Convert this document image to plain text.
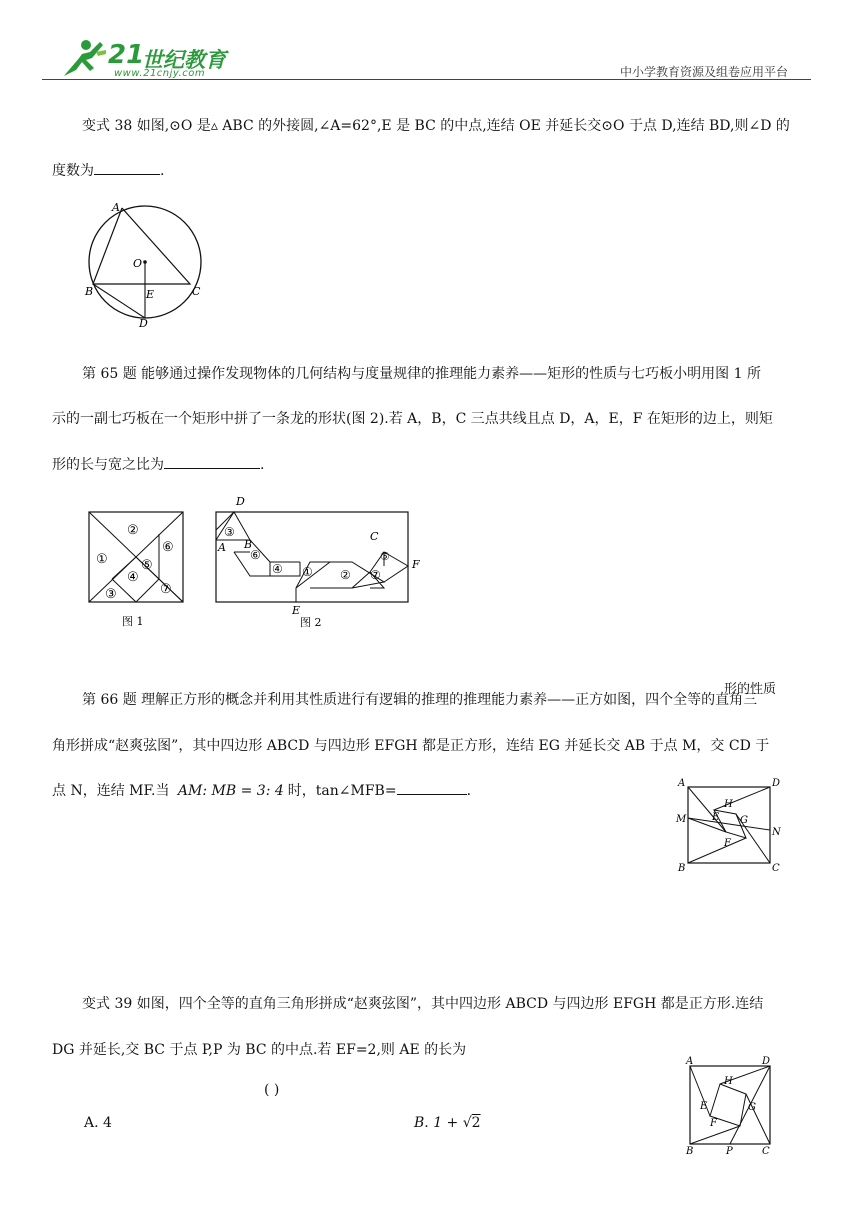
21
世纪教育
www.21cnjy.com	中小学教育资源及组卷应用平台
变式 38 如图,⊙O 是▵ ABC 的外接圆,∠A=62°,E 是 BC 的中点,连结 OE 并延长交⊙O 于点 D,连结 BD,则∠D 的
度数为	.
A
O
B	E	C
D
第 65 题 能够通过操作发现物体的几何结构与度量规律的推理能力素养——矩形的性质与七巧板小明用图 1 所
示的一副七巧板在一个矩形中拼了一条龙的形状(图 2).若 A，B，C 三点共线且点 D，A，E，F 在矩形的边上，则矩
形的长与宽之比为	.
②
①	⑤
⑥
④
⑦
③
图 1
D
③
A B
⑥
④ ① ②
C
⑤
⑦
F
E
图 2
形的性质
第 66 题 理解正方形的概念并利用其性质进行有逻辑的推理的推理能力素养——正方如图，四个全等的直角三
角形拼成“赵爽弦图”，其中四边形 ABCD 与四边形 EFGH 都是正方形，连结 EG 并延长交 AB 于点 M，交 CD 于
点 N，连结 MF.当 AM: MB = 3: 4 时，tan∠MFB=	.	A	D
H
M	G
N
E
F
B	C
变式 39 如图，四个全等的直角三角形拼成“赵爽弦图”，其中四边形 ABCD 与四边形 EFGH 都是正方形.连结
DG 并延长,交 BC 于点 P,P 为 BC 的中点.若 EF=2,则 AE 的长为
( )
A. 4	B. 1 + √2
A	D
H
E	G
F
B	P	C
